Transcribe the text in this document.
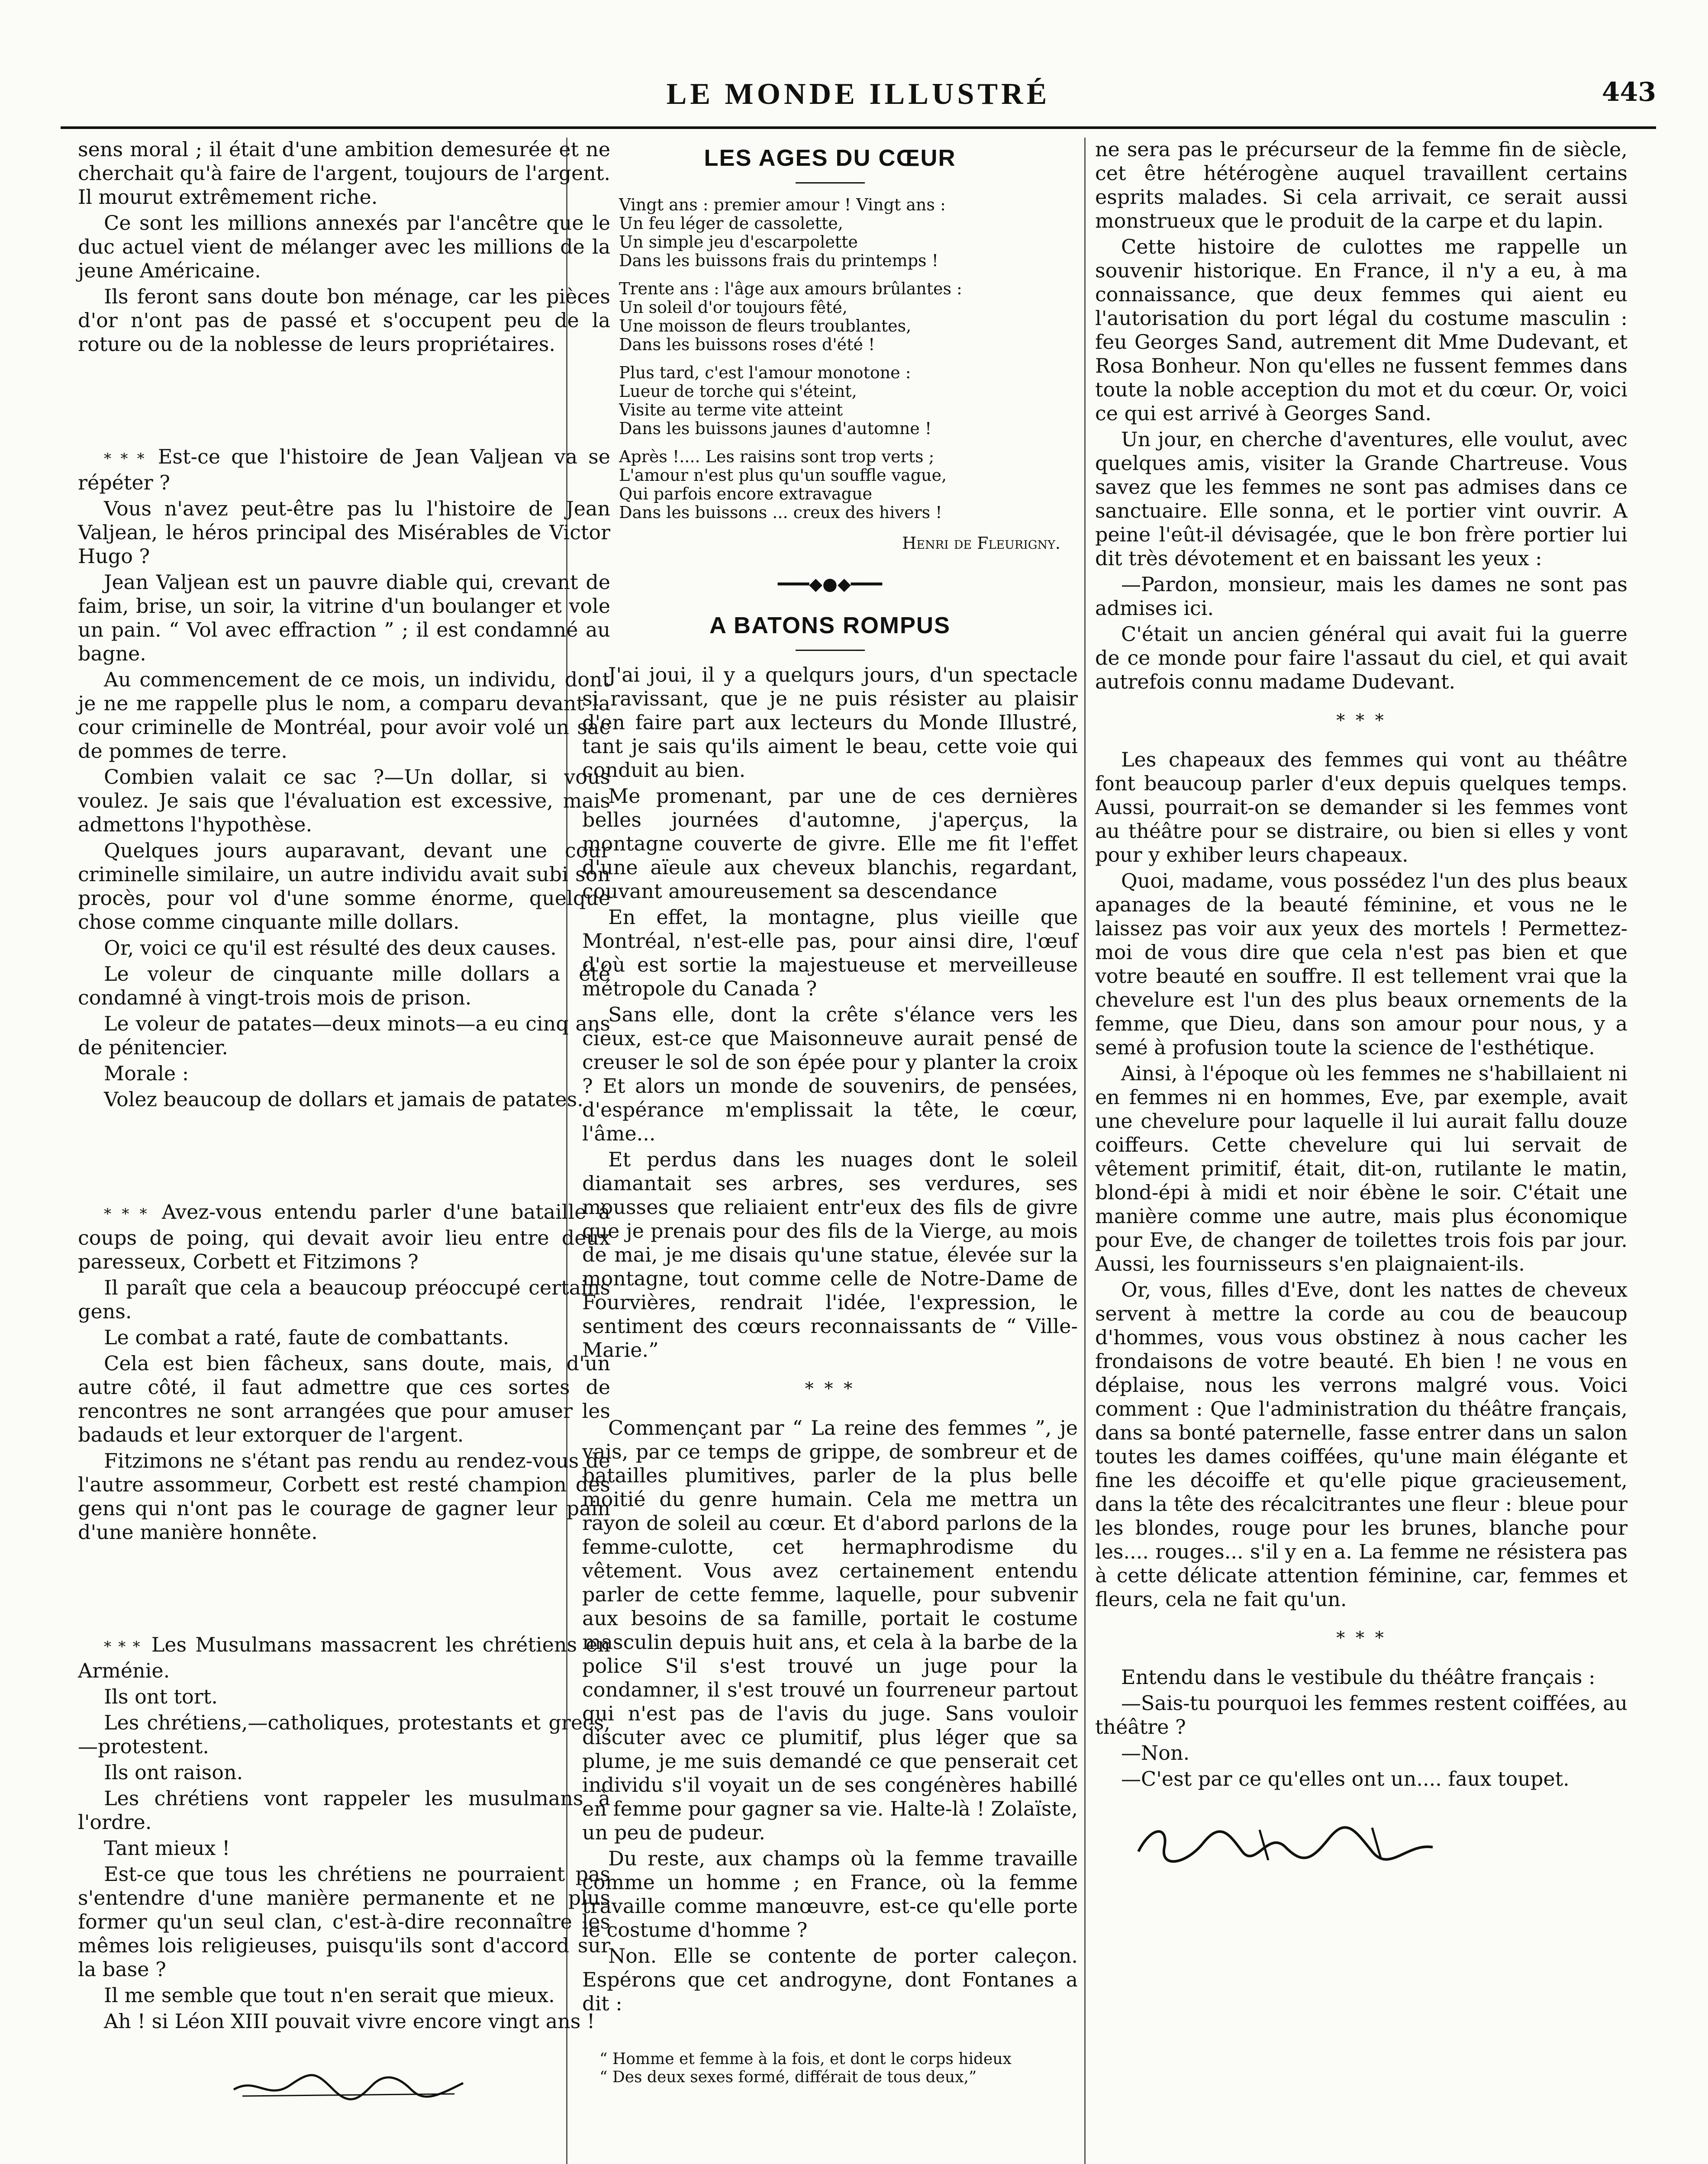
LE MONDE ILLUSTRÉ	443

sens moral ; il était d'une ambition demesurée et ne cherchait qu'à faire de l'argent, toujours de l'argent. Il mourut extrêmement riche.

Ce sont les millions annexés par l'ancêtre que le duc actuel vient de mélanger avec les millions de la jeune Américaine.

Ils feront sans doute bon ménage, car les pièces d'or n'ont pas de passé et s'occupent peu de la roture ou de la noblesse de leurs propriétaires.

* * * Est-ce que l'histoire de Jean Valjean va se répéter ?

Vous n'avez peut-être pas lu l'histoire de Jean Valjean, le héros principal des Misérables de Victor Hugo ?

Jean Valjean est un pauvre diable qui, crevant de faim, brise, un soir, la vitrine d'un boulanger et vole un pain. “ Vol avec effraction ” ; il est condamné au bagne.

Au commencement de ce mois, un individu, dont je ne me rappelle plus le nom, a comparu devant la cour criminelle de Montréal, pour avoir volé un sac de pommes de terre.

Combien valait ce sac ?—Un dollar, si vous voulez. Je sais que l'évaluation est excessive, mais admettons l'hypothèse.

Quelques jours auparavant, devant une cour criminelle similaire, un autre individu avait subi son procès, pour vol d'une somme énorme, quelque chose comme cinquante mille dollars.

Or, voici ce qu'il est résulté des deux causes.

Le voleur de cinquante mille dollars a été condamné à vingt-trois mois de prison.

Le voleur de patates—deux minots—a eu cinq ans de pénitencier.

Morale :

Volez beaucoup de dollars et jamais de patates.

* * * Avez-vous entendu parler d'une bataille à coups de poing, qui devait avoir lieu entre deux paresseux, Corbett et Fitzimons ?

Il paraît que cela a beaucoup préoccupé certains gens.

Le combat a raté, faute de combattants.

Cela est bien fâcheux, sans doute, mais, d'un autre côté, il faut admettre que ces sortes de rencontres ne sont arrangées que pour amuser les badauds et leur extorquer de l'argent.

Fitzimons ne s'étant pas rendu au rendez-vous de l'autre assommeur, Corbett est resté champion des gens qui n'ont pas le courage de gagner leur pain d'une manière honnête.

* * * Les Musulmans massacrent les chrétiens en Arménie.

Ils ont tort.

Les chrétiens,—catholiques, protestants et grecs,—protestent.

Ils ont raison.

Les chrétiens vont rappeler les musulmans à l'ordre.

Tant mieux !

Est-ce que tous les chrétiens ne pourraient pas s'entendre d'une manière permanente et ne plus former qu'un seul clan, c'est-à-dire reconnaître les mêmes lois religieuses, puisqu'ils sont d'accord sur la base ?

Il me semble que tout n'en serait que mieux.

Ah ! si Léon XIII pouvait vivre encore vingt ans !

LES AGES DU CŒUR
Vingt ans : premier amour ! Vingt ans :
Un feu léger de cassolette,
Un simple jeu d'escarpolette
Dans les buissons frais du printemps !
Trente ans : l'âge aux amours brûlantes :
Un soleil d'or toujours fêté,
Une moisson de fleurs troublantes,
Dans les buissons roses d'été !
Plus tard, c'est l'amour monotone :
Lueur de torche qui s'éteint,
Visite au terme vite atteint
Dans les buissons jaunes d'automne !
Après !.... Les raisins sont trop verts ;
L'amour n'est plus qu'un souffle vague,
Qui parfois encore extravague
Dans les buissons ... creux des hivers !
Henri de Fleurigny.
━━━◆●◆━━━
A BATONS ROMPUS

J'ai joui, il y a quelqurs jours, d'un spectacle si ravissant, que je ne puis résister au plaisir d'en faire part aux lecteurs du Monde Illustré, tant je sais qu'ils aiment le beau, cette voie qui conduit au bien.

Me promenant, par une de ces dernières belles journées d'automne, j'aperçus, la montagne couverte de givre. Elle me fit l'effet d'une aïeule aux cheveux blanchis, regardant, couvant amoureusement sa descendance

En effet, la montagne, plus vieille que Montréal, n'est-elle pas, pour ainsi dire, l'œuf d'où est sortie la majestueuse et merveilleuse métropole du Canada ?

Sans elle, dont la crête s'élance vers les cieux, est-ce que Maisonneuve aurait pensé de creuser le sol de son épée pour y planter la croix ? Et alors un monde de souvenirs, de pensées, d'espérance m'emplissait la tête, le cœur, l'âme...

Et perdus dans les nuages dont le soleil diamantait ses arbres, ses verdures, ses mousses que reliaient entr'eux des fils de givre que je prenais pour des fils de la Vierge, au mois de mai, je me disais qu'une statue, élevée sur la montagne, tout comme celle de Notre-Dame de Fourvières, rendrait l'idée, l'expression, le sentiment des cœurs reconnaissants de “ Ville-Marie.”

* * *

Commençant par “ La reine des femmes ”, je vais, par ce temps de grippe, de sombreur et de batailles plumitives, parler de la plus belle moitié du genre humain. Cela me mettra un rayon de soleil au cœur. Et d'abord parlons de la femme-culotte, cet hermaphrodisme du vêtement. Vous avez certainement entendu parler de cette femme, laquelle, pour subvenir aux besoins de sa famille, portait le costume masculin depuis huit ans, et cela à la barbe de la police S'il s'est trouvé un juge pour la condamner, il s'est trouvé un fourreneur partout qui n'est pas de l'avis du juge. Sans vouloir discuter avec ce plumitif, plus léger que sa plume, je me suis demandé ce que penserait cet individu s'il voyait un de ses congénères habillé en femme pour gagner sa vie. Halte-là ! Zolaïste, un peu de pudeur.

Du reste, aux champs où la femme travaille comme un homme ; en France, où la femme travaille comme manœuvre, est-ce qu'elle porte le costume d'homme ?

Non. Elle se contente de porter caleçon. Espérons que cet androgyne, dont Fontanes a dit :

“ Homme et femme à la fois, et dont le corps hideux
“ Des deux sexes formé, différait de tous deux,”

ne sera pas le précurseur de la femme fin de siècle, cet être hétérogène auquel travaillent certains esprits malades. Si cela arrivait, ce serait aussi monstrueux que le produit de la carpe et du lapin.

Cette histoire de culottes me rappelle un souvenir historique. En France, il n'y a eu, à ma connaissance, que deux femmes qui aient eu l'autorisation du port légal du costume masculin : feu Georges Sand, autrement dit Mme Dudevant, et Rosa Bonheur. Non qu'elles ne fussent femmes dans toute la noble acception du mot et du cœur. Or, voici ce qui est arrivé à Georges Sand.

Un jour, en cherche d'aventures, elle voulut, avec quelques amis, visiter la Grande Chartreuse. Vous savez que les femmes ne sont pas admises dans ce sanctuaire. Elle sonna, et le portier vint ouvrir. A peine l'eût-il dévisagée, que le bon frère portier lui dit très dévotement et en baissant les yeux :

—Pardon, monsieur, mais les dames ne sont pas admises ici.

C'était un ancien général qui avait fui la guerre de ce monde pour faire l'assaut du ciel, et qui avait autrefois connu madame Dudevant.

* * *

Les chapeaux des femmes qui vont au théâtre font beaucoup parler d'eux depuis quelques temps. Aussi, pourrait-on se demander si les femmes vont au théâtre pour se distraire, ou bien si elles y vont pour y exhiber leurs chapeaux.

Quoi, madame, vous possédez l'un des plus beaux apanages de la beauté féminine, et vous ne le laissez pas voir aux yeux des mortels ! Permettez-moi de vous dire que cela n'est pas bien et que votre beauté en souffre. Il est tellement vrai que la chevelure est l'un des plus beaux ornements de la femme, que Dieu, dans son amour pour nous, y a semé à profusion toute la science de l'esthétique.

Ainsi, à l'époque où les femmes ne s'habillaient ni en femmes ni en hommes, Eve, par exemple, avait une chevelure pour laquelle il lui aurait fallu douze coiffeurs. Cette chevelure qui lui servait de vêtement primitif, était, dit-on, rutilante le matin, blond-épi à midi et noir ébène le soir. C'était une manière comme une autre, mais plus économique pour Eve, de changer de toilettes trois fois par jour. Aussi, les fournisseurs s'en plaignaient-ils.

Or, vous, filles d'Eve, dont les nattes de cheveux servent à mettre la corde au cou de beaucoup d'hommes, vous vous obstinez à nous cacher les frondaisons de votre beauté. Eh bien ! ne vous en déplaise, nous les verrons malgré vous. Voici comment : Que l'administration du théâtre français, dans sa bonté paternelle, fasse entrer dans un salon toutes les dames coiffées, qu'une main élégante et fine les décoiffe et qu'elle pique gracieusement, dans la tête des récalcitrantes une fleur : bleue pour les blondes, rouge pour les brunes, blanche pour les.... rouges... s'il y en a. La femme ne résistera pas à cette délicate attention féminine, car, femmes et fleurs, cela ne fait qu'un.

* * *

Entendu dans le vestibule du théâtre français :

—Sais-tu pourquoi les femmes restent coiffées, au théâtre ?

—Non.

—C'est par ce qu'elles ont un.... faux toupet.
